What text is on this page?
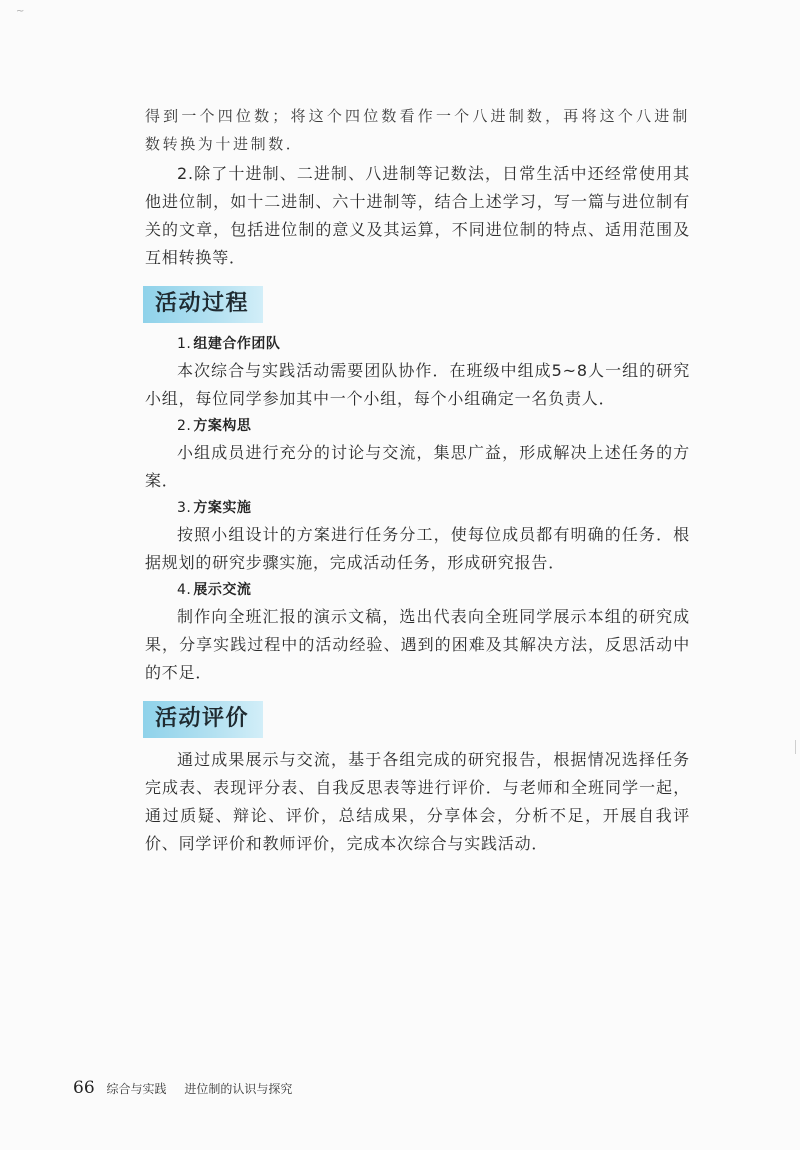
~

得到一个四位数；将这个四位数看作一个八进制数，再将这个八进制数转换为十进制数．

2.除了十进制、二进制、八进制等记数法，日常生活中还经常使用其他进位制，如十二进制、六十进制等，结合上述学习，写一篇与进位制有关的文章，包括进位制的意义及其运算，不同进位制的特点、适用范围及互相转换等．

活动过程

1. 组建合作团队

本次综合与实践活动需要团队协作．在班级中组成5~8人一组的研究小组，每位同学参加其中一个小组，每个小组确定一名负责人．

2. 方案构思

小组成员进行充分的讨论与交流，集思广益，形成解决上述任务的方案．

3. 方案实施

按照小组设计的方案进行任务分工，使每位成员都有明确的任务．根据规划的研究步骤实施，完成活动任务，形成研究报告．

4. 展示交流

制作向全班汇报的演示文稿，选出代表向全班同学展示本组的研究成果，分享实践过程中的活动经验、遇到的困难及其解决方法，反思活动中的不足．

活动评价

通过成果展示与交流，基于各组完成的研究报告，根据情况选择任务完成表、表现评分表、自我反思表等进行评价．与老师和全班同学一起，通过质疑、辩论、评价，总结成果，分享体会，分析不足，开展自我评价、同学评价和教师评价，完成本次综合与实践活动．

66 综合与实践 进位制的认识与探究
